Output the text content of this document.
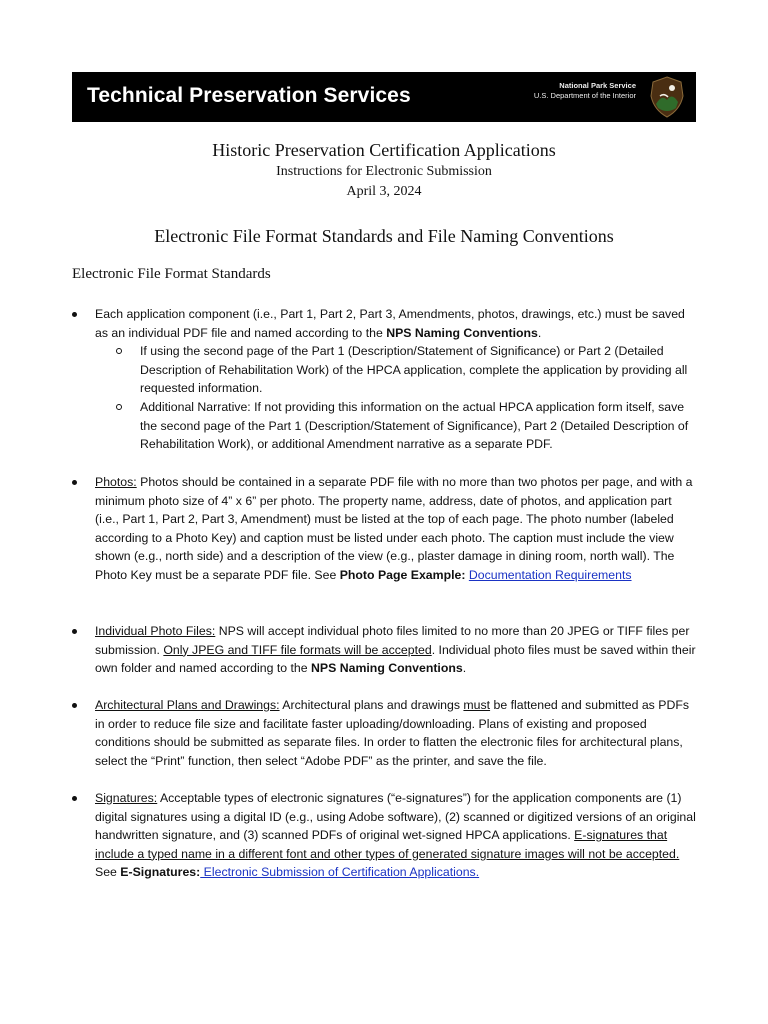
Technical Preservation Services	National Park Service
U.S. Department of the Interior
Historic Preservation Certification Applications
Instructions for Electronic Submission
April 3, 2024
Electronic File Format Standards and File Naming Conventions
Electronic File Format Standards
Each application component (i.e., Part 1, Part 2, Part 3, Amendments, photos, drawings, etc.) must be saved as an individual PDF file and named according to the NPS Naming Conventions.
If using the second page of the Part 1 (Description/Statement of Significance) or Part 2 (Detailed Description of Rehabilitation Work) of the HPCA application, complete the application by providing all requested information.
Additional Narrative: If not providing this information on the actual HPCA application form itself, save the second page of the Part 1 (Description/Statement of Significance), Part 2 (Detailed Description of Rehabilitation Work), or additional Amendment narrative as a separate PDF.
Photos: Photos should be contained in a separate PDF file with no more than two photos per page, and with a minimum photo size of 4” x 6” per photo. The property name, address, date of photos, and application part (i.e., Part 1, Part 2, Part 3, Amendment) must be listed at the top of each page. The photo number (labeled according to a Photo Key) and caption must be listed under each photo. The caption must include the view shown (e.g., north side) and a description of the view (e.g., plaster damage in dining room, north wall). The Photo Key must be a separate PDF file. See Photo Page Example: Documentation Requirements
Individual Photo Files: NPS will accept individual photo files limited to no more than 20 JPEG or TIFF files per submission. Only JPEG and TIFF file formats will be accepted. Individual photo files must be saved within their own folder and named according to the NPS Naming Conventions.
Architectural Plans and Drawings: Architectural plans and drawings must be flattened and submitted as PDFs in order to reduce file size and facilitate faster uploading/downloading. Plans of existing and proposed conditions should be submitted as separate files. In order to flatten the electronic files for architectural plans, select the “Print” function, then select “Adobe PDF” as the printer, and save the file.
Signatures: Acceptable types of electronic signatures (“e-signatures”) for the application components are (1) digital signatures using a digital ID (e.g., using Adobe software), (2) scanned or digitized versions of an original handwritten signature, and (3) scanned PDFs of original wet-signed HPCA applications. E-signatures that include a typed name in a different font and other types of generated signature images will not be accepted. See E-Signatures: Electronic Submission of Certification Applications.
